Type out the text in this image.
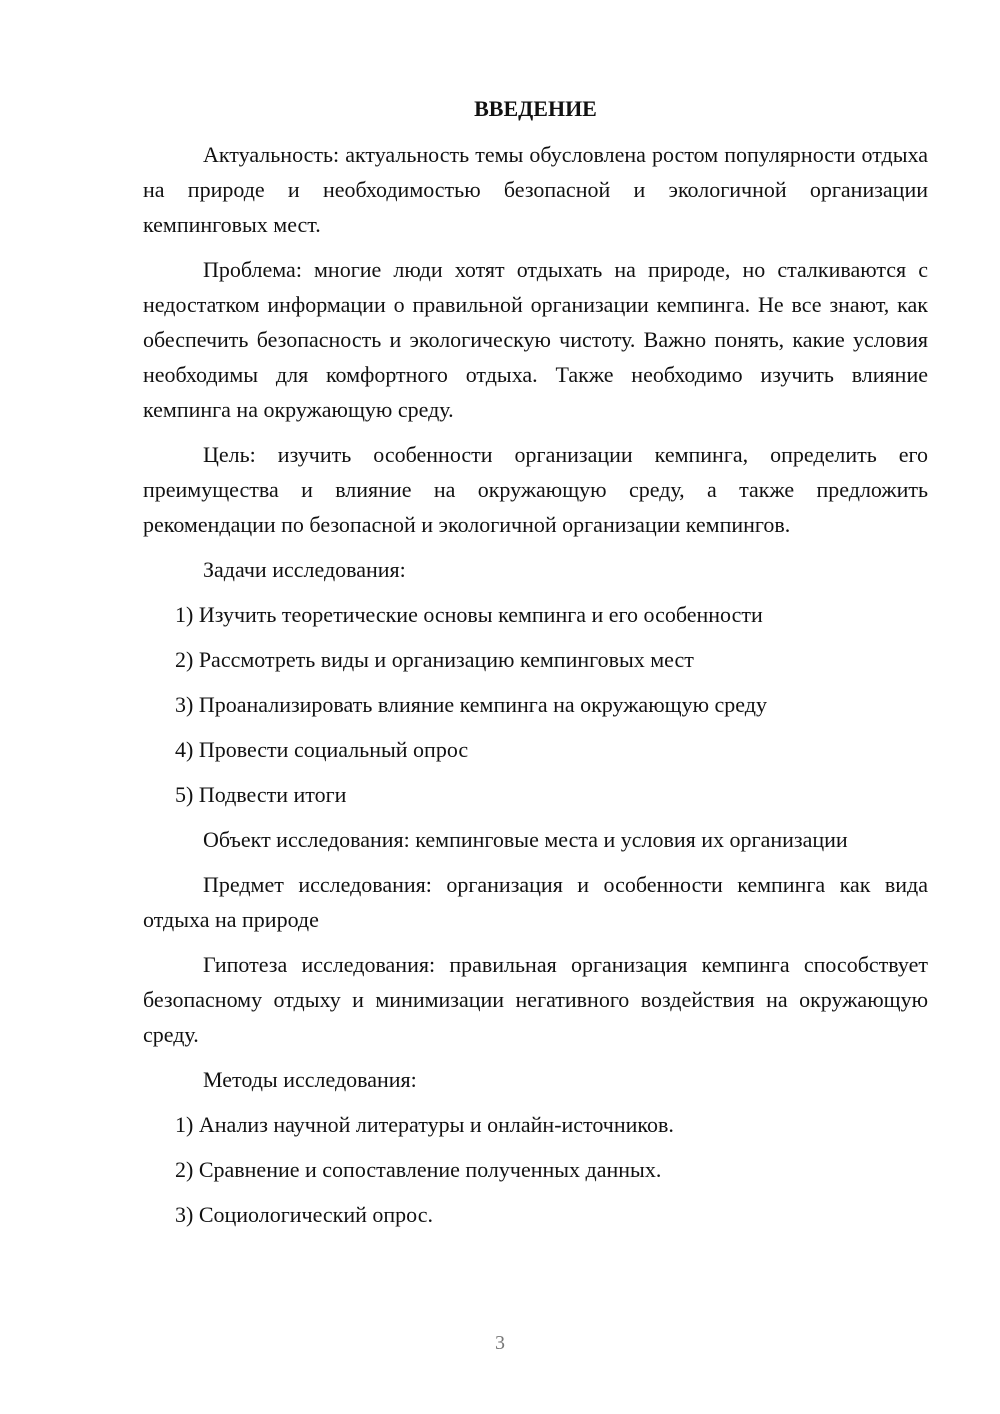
ВВЕДЕНИЕ

Актуальность: актуальность темы обусловлена ростом популярности отдыха на природе и необходимостью безопасной и экологичной организации кемпинговых мест.

Проблема: многие люди хотят отдыхать на природе, но сталкиваются с недостатком информации о правильной организации кемпинга. Не все знают, как обеспечить безопасность и экологическую чистоту. Важно понять, какие условия необходимы для комфортного отдыха. Также необходимо изучить влияние кемпинга на окружающую среду.

Цель: изучить особенности организации кемпинга, определить его преимущества и влияние на окружающую среду, а также предложить рекомендации по безопасной и экологичной организации кемпингов.

Задачи исследования:

1) Изучить теоретические основы кемпинга и его особенности
2) Рассмотреть виды и организацию кемпинговых мест
3) Проанализировать влияние кемпинга на окружающую среду
4) Провести социальный опрос
5) Подвести итоги

Объект исследования: кемпинговые места и условия их организации

Предмет исследования: организация и особенности кемпинга как вида отдыха на природе

Гипотеза исследования: правильная организация кемпинга способствует безопасному отдыху и минимизации негативного воздействия на окружающую среду.

Методы исследования:

1) Анализ научной литературы и онлайн-источников.
2) Сравнение и сопоставление полученных данных.
3) Социологический опрос.
3
